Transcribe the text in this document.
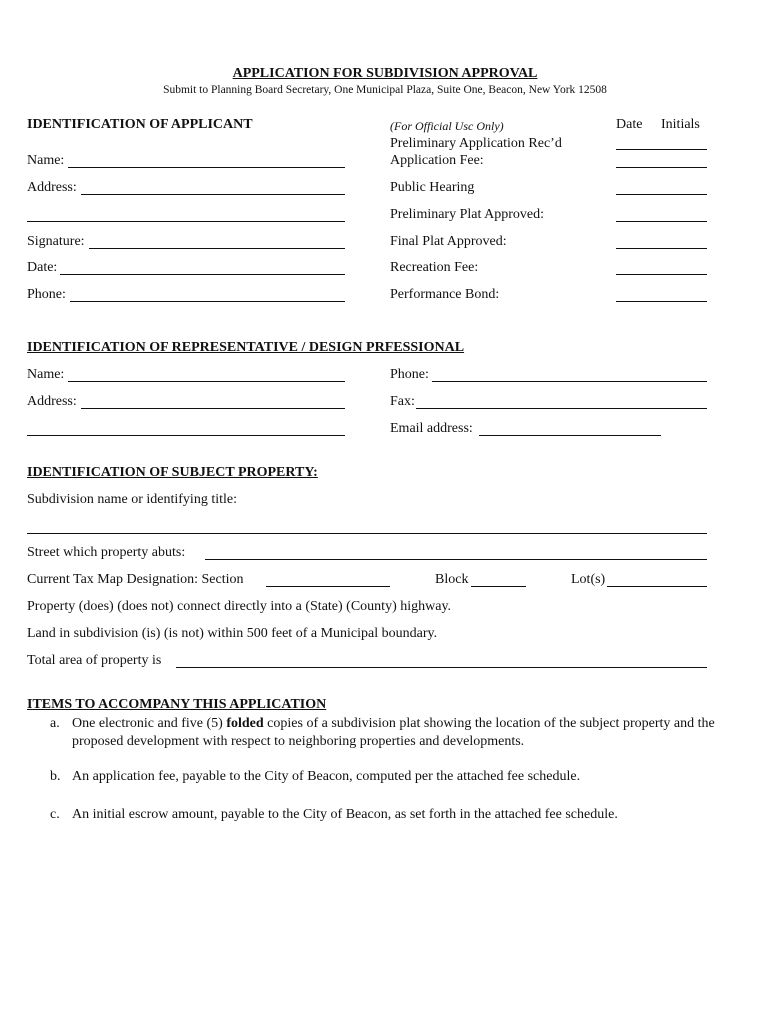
APPLICATION FOR SUBDIVISION APPROVAL
Submit to Planning Board Secretary, One Municipal Plaza, Suite One, Beacon, New York 12508
IDENTIFICATION OF APPLICANT
Name:
Address:
Signature:
Date:
Phone:
(For Official Usc Only)	Date Initials
Preliminary Application Rec’d
Application Fee:
Public Hearing
Preliminary Plat Approved:
Final Plat Approved:
Recreation Fee:
Performance Bond:
IDENTIFICATION OF REPRESENTATIVE / DESIGN PRFESSIONAL
Name:
Address:
Phone:
Fax:
Email address:
IDENTIFICATION OF SUBJECT PROPERTY:
Subdivision name or identifying title:
Street which property abuts:
Current Tax Map Designation: Section	Block	Lot(s)
Property (does) (does not) connect directly into a (State) (County) highway.
Land in subdivision (is) (is not) within 500 feet of a Municipal boundary.
Total area of property is
ITEMS TO ACCOMPANY THIS APPLICATION
a. One electronic and five (5) folded copies of a subdivision plat showing the location of the subject property and the proposed development with respect to neighboring properties and developments.
b. An application fee, payable to the City of Beacon, computed per the attached fee schedule.
c. An initial escrow amount, payable to the City of Beacon, as set forth in the attached fee schedule.
